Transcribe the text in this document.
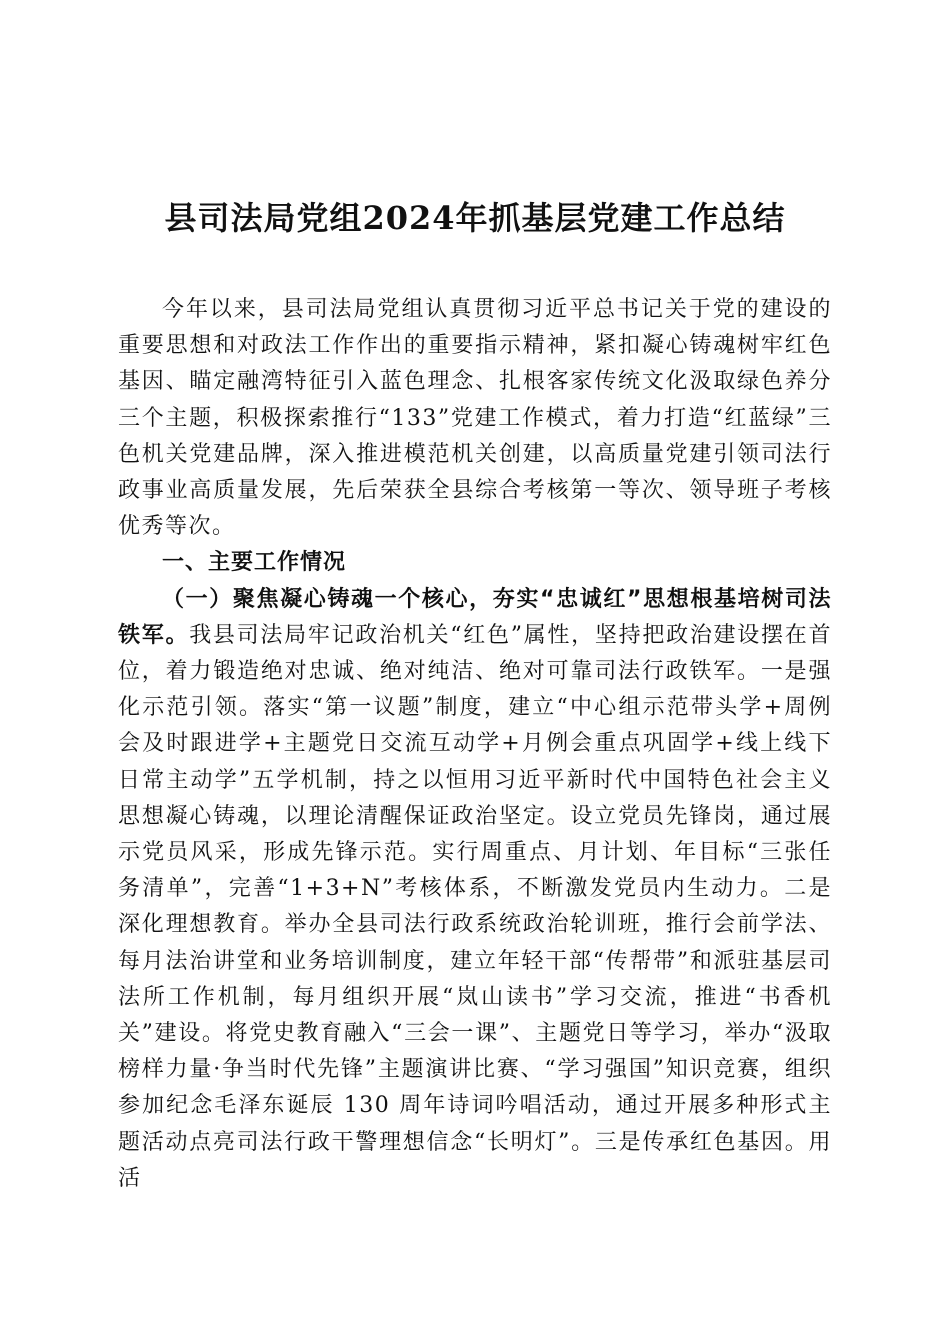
县司法局党组2024年抓基层党建工作总结

今年以来，县司法局党组认真贯彻习近平总书记关于党的建设的重要思想和对政法工作作出的重要指示精神，紧扣凝心铸魂树牢红色基因、瞄定融湾特征引入蓝色理念、扎根客家传统文化汲取绿色养分三个主题，积极探索推行“133”党建工作模式，着力打造“红蓝绿”三色机关党建品牌，深入推进模范机关创建，以高质量党建引领司法行政事业高质量发展，先后荣获全县综合考核第一等次、领导班子考核优秀等次。

一、主要工作情况

（一）聚焦凝心铸魂一个核心，夯实“忠诚红”思想根基培树司法铁军。我县司法局牢记政治机关“红色”属性，坚持把政治建设摆在首位，着力锻造绝对忠诚、绝对纯洁、绝对可靠司法行政铁军。一是强化示范引领。落实“第一议题”制度，建立“中心组示范带头学+周例会及时跟进学+主题党日交流互动学+月例会重点巩固学+线上线下日常主动学”五学机制，持之以恒用习近平新时代中国特色社会主义思想凝心铸魂，以理论清醒保证政治坚定。设立党员先锋岗，通过展示党员风采，形成先锋示范。实行周重点、月计划、年目标“三张任务清单”，完善“1+3+N”考核体系，不断激发党员内生动力。二是深化理想教育。举办全县司法行政系统政治轮训班，推行会前学法、每月法治讲堂和业务培训制度，建立年轻干部“传帮带”和派驻基层司法所工作机制，每月组织开展“岚山读书”学习交流，推进“书香机关”建设。将党史教育融入“三会一课”、主题党日等学习，举办“汲取榜样力量·争当时代先锋”主题演讲比赛、“学习强国”知识竞赛，组织参加纪念毛泽东诞辰 130 周年诗词吟唱活动，通过开展多种形式主题活动点亮司法行政干警理想信念“长明灯”。三是传承红色基因。用活
